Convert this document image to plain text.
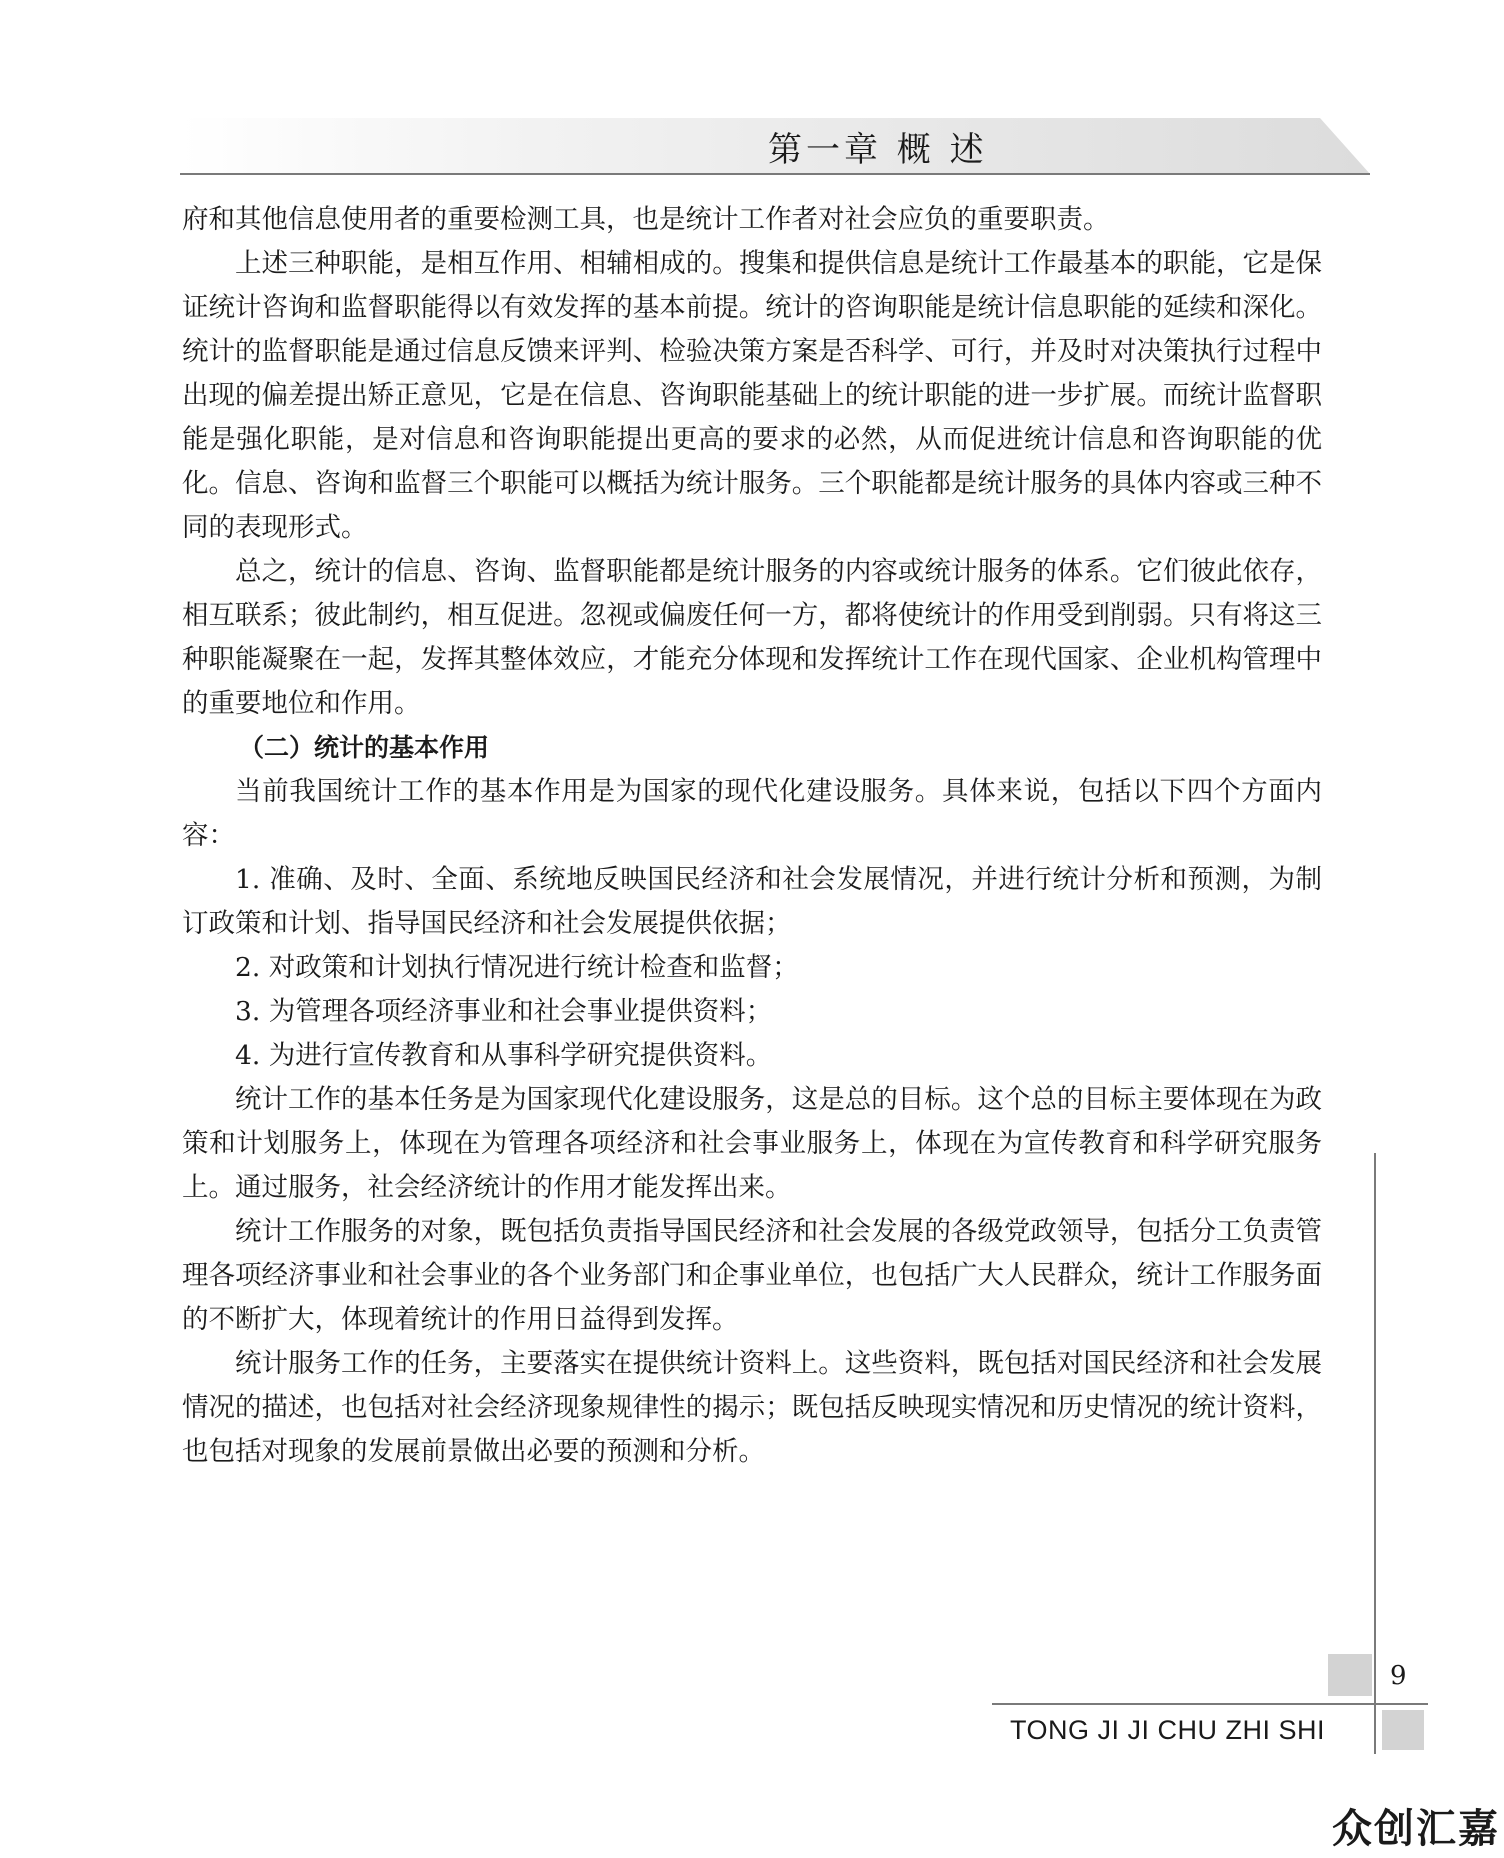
第一章 概 述

府和其他信息使用者的重要检测工具，也是统计工作者对社会应负的重要职责。

上述三种职能，是相互作用、相辅相成的。搜集和提供信息是统计工作最基本的职能，它是保证统计咨询和监督职能得以有效发挥的基本前提。统计的咨询职能是统计信息职能的延续和深化。统计的监督职能是通过信息反馈来评判、检验决策方案是否科学、可行，并及时对决策执行过程中出现的偏差提出矫正意见，它是在信息、咨询职能基础上的统计职能的进一步扩展。而统计监督职能是强化职能，是对信息和咨询职能提出更高的要求的必然，从而促进统计信息和咨询职能的优化。信息、咨询和监督三个职能可以概括为统计服务。三个职能都是统计服务的具体内容或三种不同的表现形式。

总之，统计的信息、咨询、监督职能都是统计服务的内容或统计服务的体系。它们彼此依存，相互联系；彼此制约，相互促进。忽视或偏废任何一方，都将使统计的作用受到削弱。只有将这三种职能凝聚在一起，发挥其整体效应，才能充分体现和发挥统计工作在现代国家、企业机构管理中的重要地位和作用。

（二）统计的基本作用

当前我国统计工作的基本作用是为国家的现代化建设服务。具体来说，包括以下四个方面内容：

1. 准确、及时、全面、系统地反映国民经济和社会发展情况，并进行统计分析和预测，为制订政策和计划、指导国民经济和社会发展提供依据；

2. 对政策和计划执行情况进行统计检查和监督；

3. 为管理各项经济事业和社会事业提供资料；

4. 为进行宣传教育和从事科学研究提供资料。

统计工作的基本任务是为国家现代化建设服务，这是总的目标。这个总的目标主要体现在为政策和计划服务上，体现在为管理各项经济和社会事业服务上，体现在为宣传教育和科学研究服务上。通过服务，社会经济统计的作用才能发挥出来。

统计工作服务的对象，既包括负责指导国民经济和社会发展的各级党政领导，包括分工负责管理各项经济事业和社会事业的各个业务部门和企事业单位，也包括广大人民群众，统计工作服务面的不断扩大，体现着统计的作用日益得到发挥。

统计服务工作的任务，主要落实在提供统计资料上。这些资料，既包括对国民经济和社会发展情况的描述，也包括对社会经济现象规律性的揭示；既包括反映现实情况和历史情况的统计资料，也包括对现象的发展前景做出必要的预测和分析。

9
TONG JI JI CHU ZHI SHI
众创汇嘉
